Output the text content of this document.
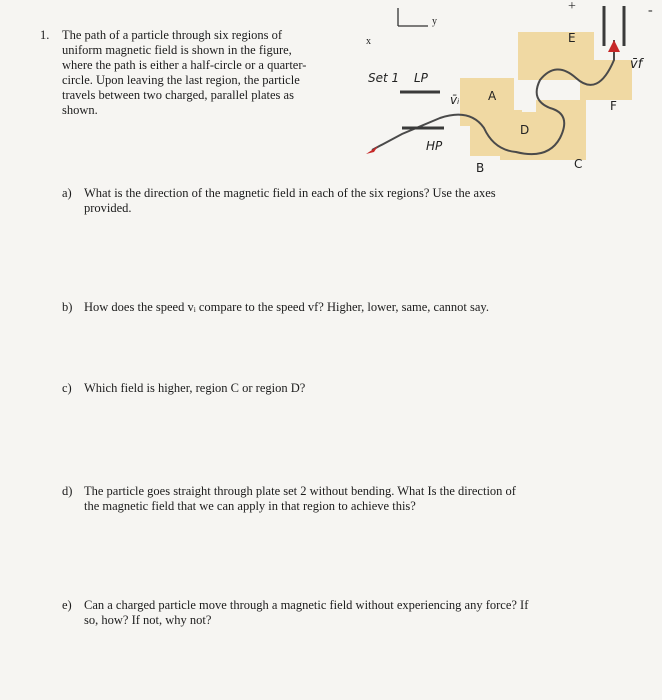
1. The path of a particle through six regions of
uniform magnetic field is shown in the figure,
where the path is either a half-circle or a quarter-
circle. Upon leaving the last region, the particle
travels between two charged, parallel plates as
shown.
y
x
+	-
Set 1 LP
HP
v̄ᵢ
v̄f
A
B	C
D
E
F
a) What is the direction of the magnetic field in each of the six regions? Use the axes
provided.
b) How does the speed vᵢ compare to the speed vf? Higher, lower, same, cannot say.
c) Which field is higher, region C or region D?
d) The particle goes straight through plate set 2 without bending. What Is the direction of
the magnetic field that we can apply in that region to achieve this?
e) Can a charged particle move through a magnetic field without experiencing any force? If
so, how? If not, why not?
